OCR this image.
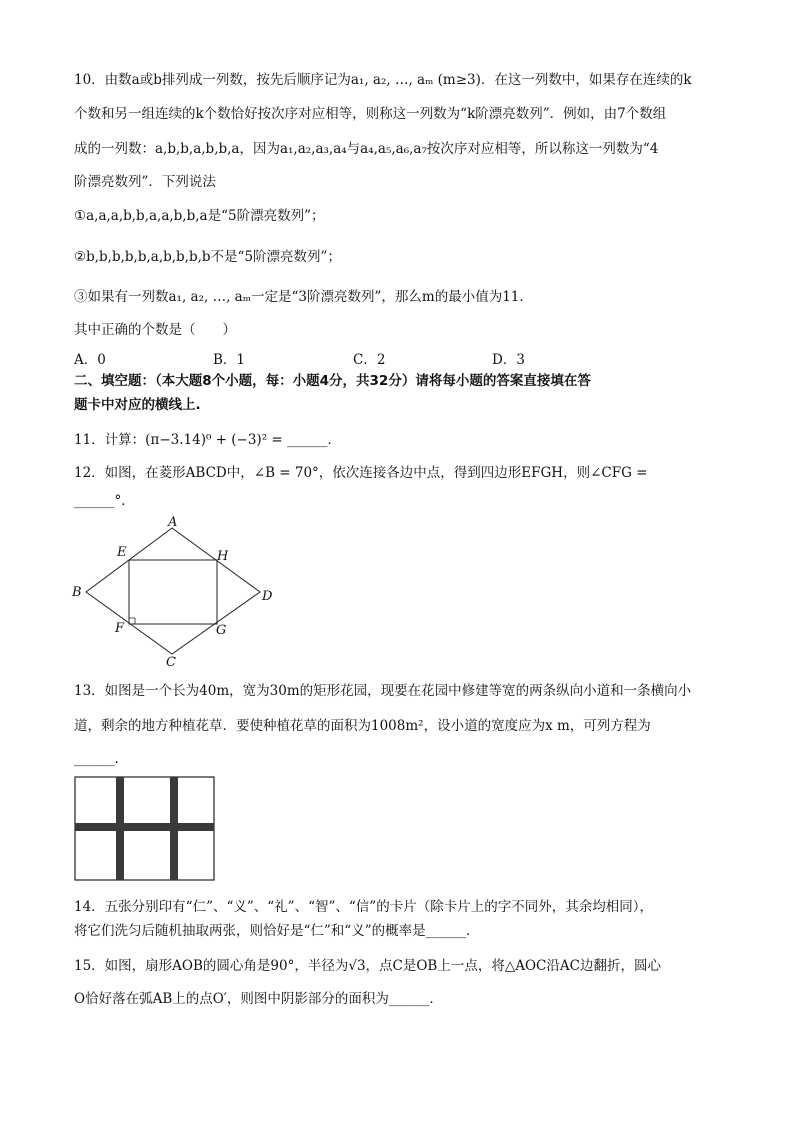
10．由数a或b排列成一列数，按先后顺序记为a₁, a₂, …, aₘ (m≥3)．在这一列数中，如果存在连续的k
个数和另一组连续的k个数恰好按次序对应相等，则称这一列数为“k阶漂亮数列”．例如，由7个数组
成的一列数：a,b,b,a,b,b,a，因为a₁,a₂,a₃,a₄与a₄,a₅,a₆,a₇按次序对应相等，所以称这一列数为“4
阶漂亮数列”．下列说法
①a,a,a,b,b,a,a,b,b,a是“5阶漂亮数列”；
②b,b,b,b,b,a,b,b,b,b不是“5阶漂亮数列”；
③如果有一列数a₁, a₂, …, aₘ一定是“3阶漂亮数列”，那么m的最小值为11．
其中正确的个数是（　　）
A．0	B．1	C．2	D．3
二、填空题：（本大题8个小题，每：小题4分，共32分）请将每小题的答案直接填在答
题卡中对应的横线上.
11．计算：(π−3.14)⁰ + (−3)² = ______．
12．如图，在菱形ABCD中，∠B = 70°，依次连接各边中点，得到四边形EFGH，则∠CFG =
______°．
A
B
C
D
E
F	G
H
13．如图是一个长为40m，宽为30m的矩形花园，现要在花园中修建等宽的两条纵向小道和一条横向小
道，剩余的地方种植花草．要使种植花草的面积为1008m²，设小道的宽度应为x m，可列方程为
______.
14．五张分别印有“仁”、“义”、“礼”、“智”、“信”的卡片（除卡片上的字不同外，其余均相同），
将它们洗匀后随机抽取两张，则恰好是“仁”和“义”的概率是______．
15．如图，扇形AOB的圆心角是90°，半径为√3，点C是OB上一点，将△AOC沿AC边翻折，圆心
O恰好落在弧AB上的点O′，则图中阴影部分的面积为______．
